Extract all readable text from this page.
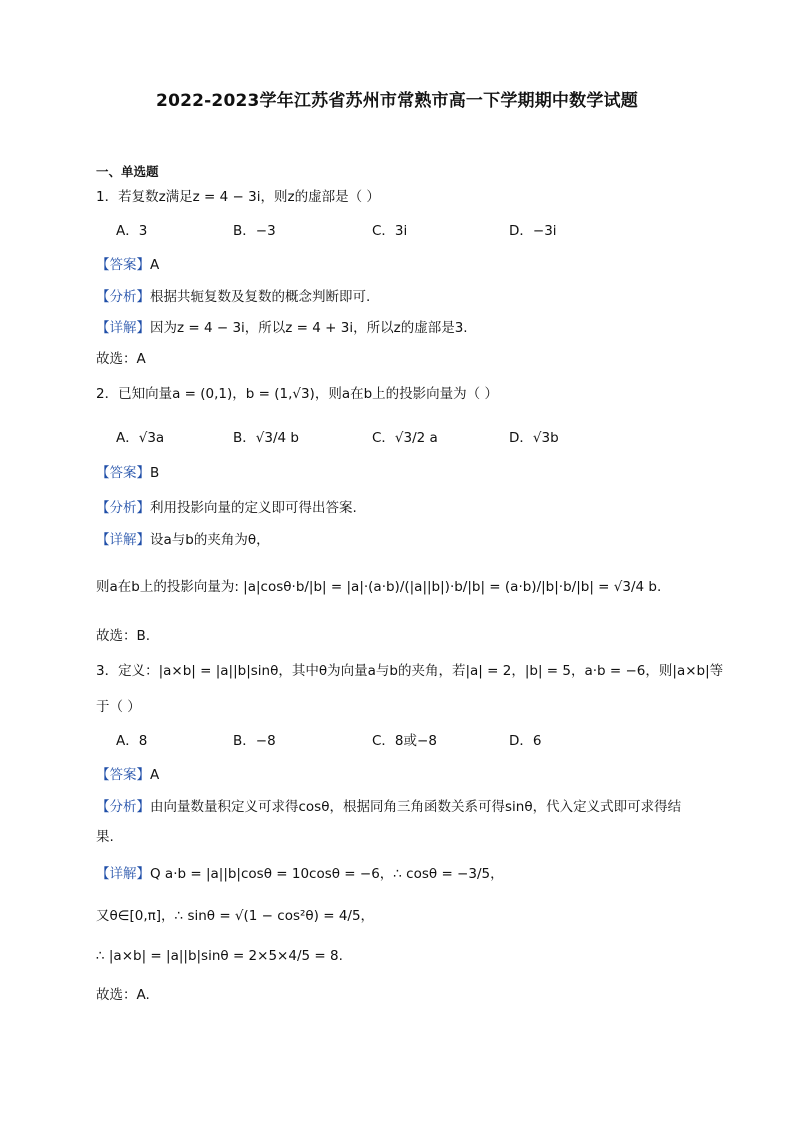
2022-2023学年江苏省苏州市常熟市高一下学期期中数学试题
一、单选题
1．若复数z满足z = 4 − 3i，则z的虚部是（ ）
A．3	B．−3	C．3i	D．−3i
【答案】A
【分析】根据共轭复数及复数的概念判断即可.
【详解】因为z = 4 − 3i，所以z = 4 + 3i，所以z的虚部是3.
故选：A
2．已知向量a = (0,1)，b = (1,√3)，则a在b上的投影向量为（ ）
A．√3a	B．√3/4 b	C．√3/2 a	D．√3b
【答案】B
【分析】利用投影向量的定义即可得出答案.
【详解】设a与b的夹角为θ，
则a在b上的投影向量为: |a|cosθ·b/|b| = |a|·(a·b)/(|a||b|)·b/|b| = (a·b)/|b|·b/|b| = √3/4 b.
故选：B.
3．定义：|a×b| = |a||b|sinθ，其中θ为向量a与b的夹角，若|a| = 2，|b| = 5，a·b = −6，则|a×b|等
于（ ）
A．8	B．−8	C．8或−8	D．6
【答案】A
【分析】由向量数量积定义可求得cosθ，根据同角三角函数关系可得sinθ，代入定义式即可求得结
果.
【详解】Q a·b = |a||b|cosθ = 10cosθ = −6，∴ cosθ = −3/5，
又θ∈[0,π]，∴ sinθ = √(1 − cos²θ) = 4/5，
∴ |a×b| = |a||b|sinθ = 2×5×4/5 = 8.
故选：A.
